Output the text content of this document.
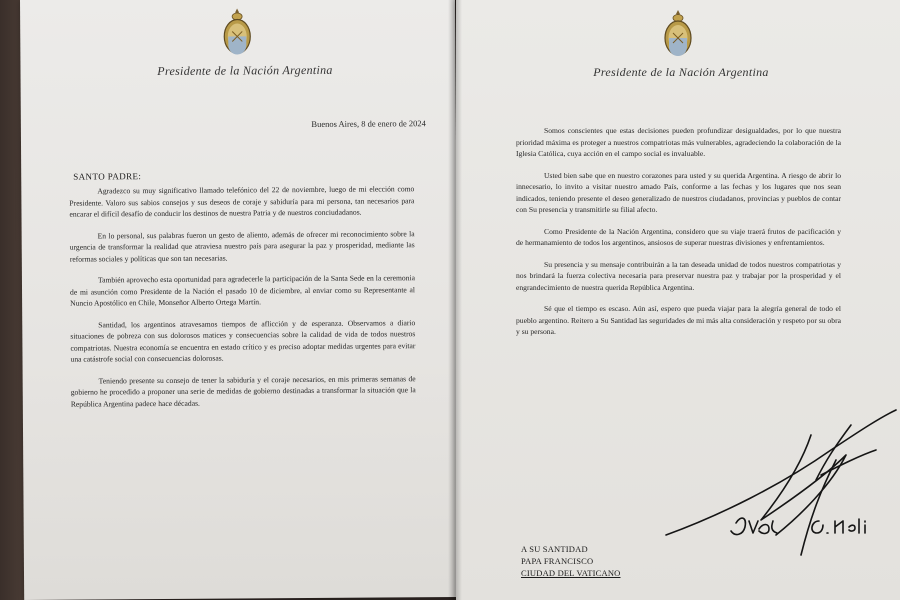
Presidente de la Nación Argentina
Buenos Aires, 8 de enero de 2024
SANTO PADRE:

Agradezco su muy significativo llamado telefónico del 22 de noviembre, luego de mi elección como Presidente. Valoro sus sabios consejos y sus deseos de coraje y sabiduría para mi persona, tan necesarios para encarar el difícil desafío de conducir los destinos de nuestra Patria y de nuestros conciudadanos.

En lo personal, sus palabras fueron un gesto de aliento, además de ofrecer mi reconocimiento sobre la urgencia de transformar la realidad que atraviesa nuestro país para asegurar la paz y prosperidad, mediante las reformas sociales y políticas que son tan necesarias.

También aprovecho esta oportunidad para agradecerle la participación de la Santa Sede en la ceremonia de mi asunción como Presidente de la Nación el pasado 10 de diciembre, al enviar como su Representante al Nuncio Apostólico en Chile, Monseñor Alberto Ortega Martín.

Santidad, los argentinos atravesamos tiempos de aflicción y de esperanza. Observamos a diario situaciones de pobreza con sus dolorosos matices y consecuencias sobre la calidad de vida de todos nuestros compatriotas. Nuestra economía se encuentra en estado crítico y es preciso adoptar medidas urgentes para evitar una catástrofe social con consecuencias dolorosas.

Teniendo presente su consejo de tener la sabiduría y el coraje necesarios, en mis primeras semanas de gobierno he procedido a proponer una serie de medidas de gobierno destinadas a transformar la situación que la República Argentina padece hace décadas.

Presidente de la Nación Argentina

Somos conscientes que estas decisiones pueden profundizar desigualdades, por lo que nuestra prioridad máxima es proteger a nuestros compatriotas más vulnerables, agradeciendo la colaboración de la Iglesia Católica, cuya acción en el campo social es invaluable.

Usted bien sabe que en nuestro corazones para usted y su querida Argentina. A riesgo de abrir lo innecesario, lo invito a visitar nuestro amado País, conforme a las fechas y los lugares que nos sean indicados, teniendo presente el deseo generalizado de nuestros ciudadanos, provincias y pueblos de contar con Su presencia y transmitirle su filial afecto.

Como Presidente de la Nación Argentina, considero que su viaje traerá frutos de pacificación y de hermanamiento de todos los argentinos, ansiosos de superar nuestras divisiones y enfrentamientos.

Su presencia y su mensaje contribuirán a la tan deseada unidad de todos nuestros compatriotas y nos brindará la fuerza colectiva necesaria para preservar nuestra paz y trabajar por la prosperidad y el engrandecimiento de nuestra querida República Argentina.

Sé que el tiempo es escaso. Aún así, espero que pueda viajar para la alegría general de todo el pueblo argentino. Reitero a Su Santidad las seguridades de mi más alta consideración y respeto por su obra y su persona.

A SU SANTIDAD
PAPA FRANCISCO
CIUDAD DEL VATICANO
